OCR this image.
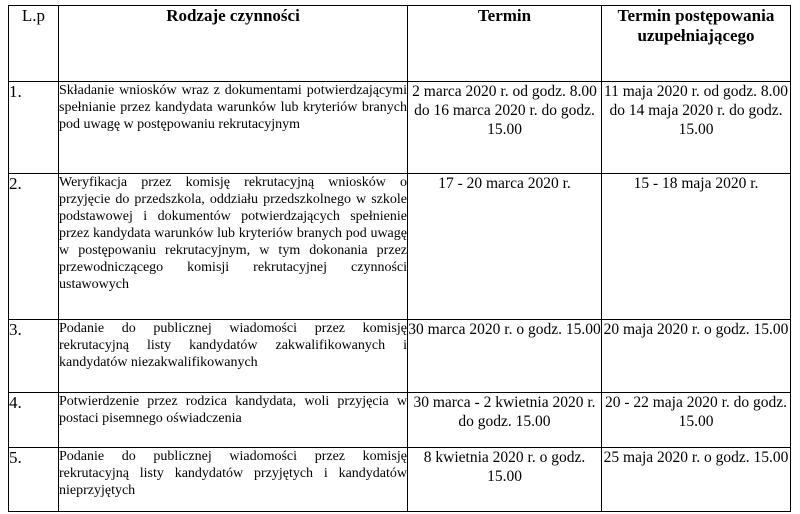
L.p	Rodzaje czynności	Termin	Termin postępowania uzupełniającego
1.	Składanie wniosków wraz z dokumentami potwierdzającymi spełnianie przez kandydata warunków lub kryteriów branych pod uwagę w postępowaniu rekrutacyjnym	2 marca 2020 r. od godz. 8.00 do 16 marca 2020 r. do godz. 15.00	11 maja 2020 r. od godz. 8.00 do 14 maja 2020 r. do godz. 15.00
2.	Weryfikacja przez komisję rekrutacyjną wniosków o przyjęcie do przedszkola, oddziału przedszkolnego w szkole podstawowej i dokumentów potwierdzających spełnienie przez kandydata warunków lub kryteriów branych pod uwagę w postępowaniu rekrutacyjnym, w tym dokonania przez przewodniczącego komisji rekrutacyjnej czynności ustawowych	17 - 20 marca 2020 r.	15 - 18 maja 2020 r.
3.	Podanie do publicznej wiadomości przez komisję rekrutacyjną listy kandydatów zakwalifikowanych i kandydatów niezakwalifikowanych	30 marca 2020 r. o godz. 15.00	20 maja 2020 r. o godz. 15.00
4.	Potwierdzenie przez rodzica kandydata, woli przyjęcia w postaci pisemnego oświadczenia	30 marca - 2 kwietnia 2020 r. do godz. 15.00	20 - 22 maja 2020 r. do godz. 15.00
5.	Podanie do publicznej wiadomości przez komisję rekrutacyjną listy kandydatów przyjętych i kandydatów nieprzyjętych	8 kwietnia 2020 r. o godz. 15.00	25 maja 2020 r. o godz. 15.00
